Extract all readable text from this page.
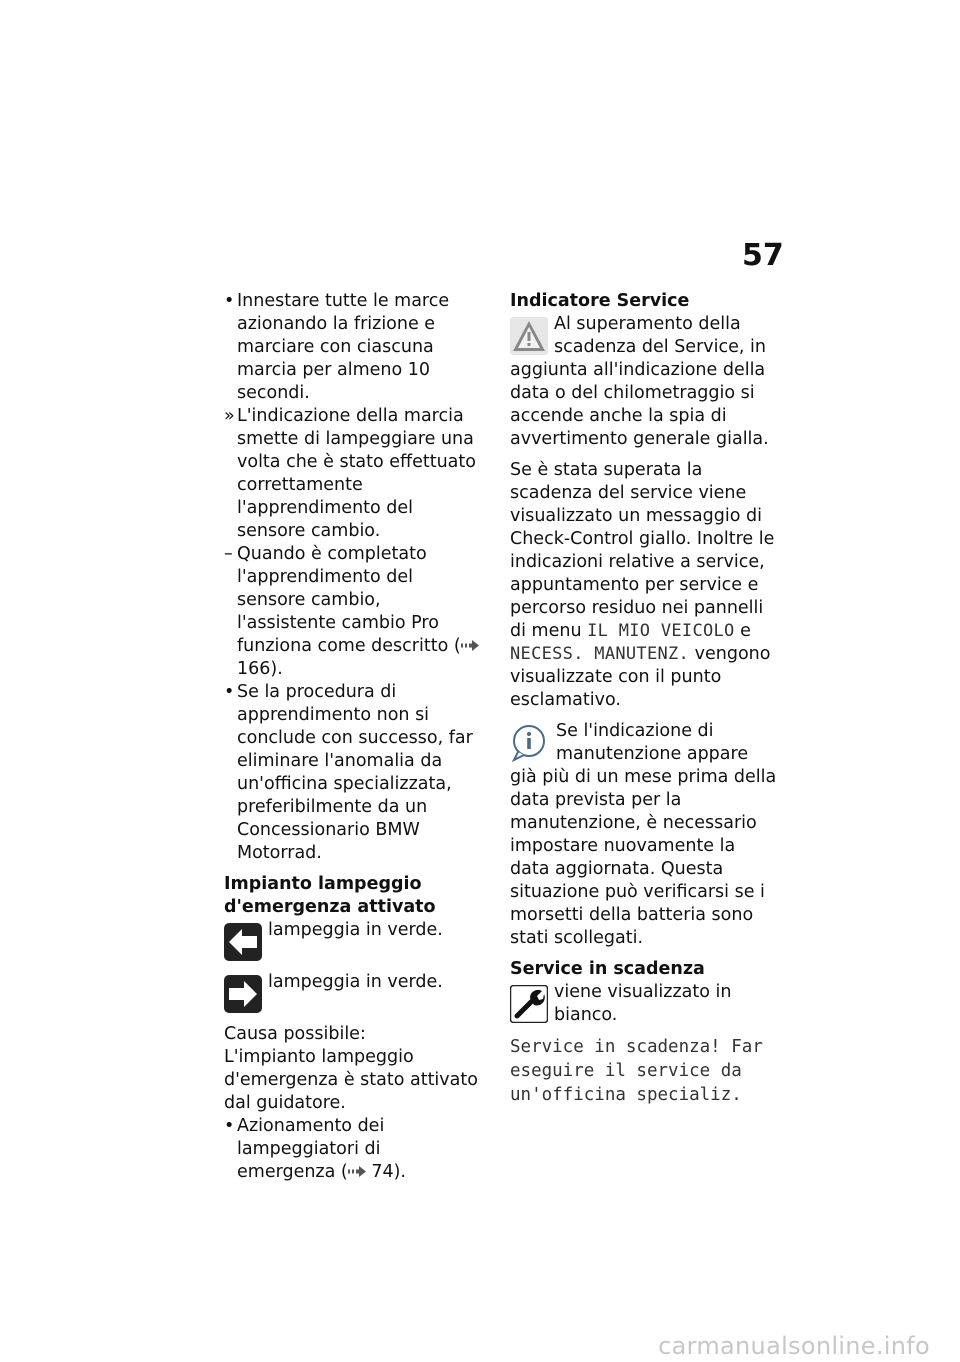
57
• Innestare tutte le marce azionando la frizione e marciare con ciascuna marcia per almeno 10 secondi.
» L'indicazione della marcia smette di lampeggiare una volta che è stato effettuato correttamente l'apprendimento del sensore cambio.
– Quando è completato l'apprendimento del sensore cambio, l'assistente cambio Pro funziona come descritto ( 166).
• Se la procedura di apprendimento non si conclude con successo, far eliminare l'anomalia da un'officina specializzata, preferibilmente da un Concessionario BMW Motorrad.
Impianto lampeggio d'emergenza attivato
lampeggia in verde.
lampeggia in verde.
Causa possibile:
L'impianto lampeggio d'emergenza è stato attivato dal guidatore.
• Azionamento dei lampeggiatori di emergenza ( 74).
Indicatore Service
Al superamento della scadenza del Service, in aggiunta all'indicazione della data o del chilometraggio si accende anche la spia di avvertimento generale gialla.
Se è stata superata la scadenza del service viene visualizzato un messaggio di Check-Control giallo. Inoltre le indicazioni relative a service, appuntamento per service e percorso residuo nei pannelli di menu IL MIO VEICOLO e NECESS. MANUTENZ. vengono visualizzate con il punto esclamativo.
Se l'indicazione di manutenzione appare già più di un mese prima della data prevista per la manutenzione, è necessario impostare nuovamente la data aggiornata. Questa situazione può verificarsi se i morsetti della batteria sono stati scollegati.
Service in scadenza
viene visualizzato in bianco.
Service in scadenza! Far eseguire il service da un'officina specializ.
carmanualsonline.info
